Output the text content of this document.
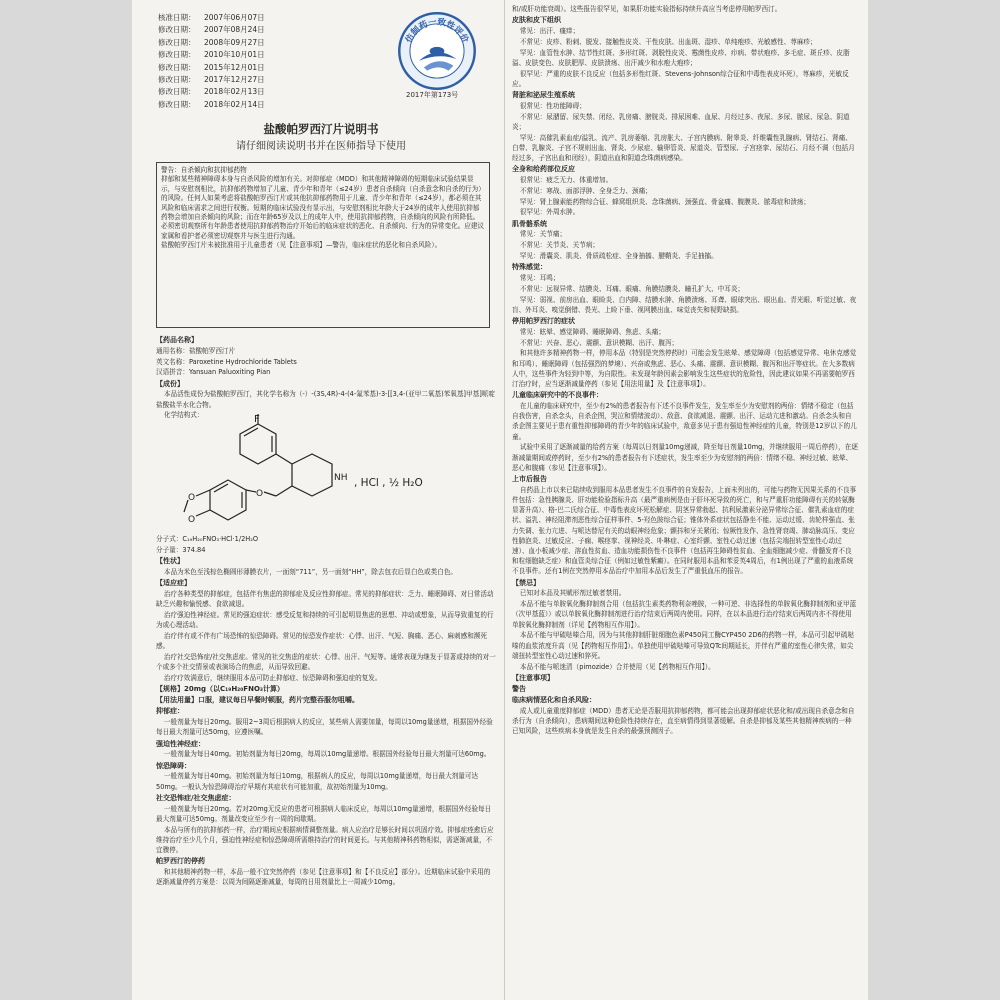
核准日期： 2007年06月07日
修改日期： 2007年08月24日
修改日期： 2008年09月27日
修改日期： 2010年10月01日
修改日期： 2015年12月01日
修改日期： 2017年12月27日
修改日期： 2018年02月13日
修改日期： 2018年02月14日
仿制药一致性评价
2017年第173号
盐酸帕罗西汀片说明书
请仔细阅读说明书并在医师指导下使用

警告：自杀倾向和抗抑郁药物

抑郁和某些精神障碍本身与自杀风险的增加有关。对抑郁症（MDD）和其他精神障碍的短期临床试验结果显示，与安慰剂相比，抗抑郁药物增加了儿童、青少年和青年（≤24岁）患者自杀倾向（自杀意念和自杀的行为）的风险。任何人如果考虑将盐酸帕罗西汀片或其他抗抑郁药物用于儿童、青少年和青年（≤24岁），都必须在其风险和临床需求之间进行权衡。短期的临床试验没有显示出，与安慰剂相比年龄大于24岁的成年人使用抗抑郁药物会增加自杀倾向的风险；而在年龄65岁及以上的成年人中，使用抗抑郁药物，自杀倾向的风险有所降低。必须密切观察所有年龄患者使用抗抑郁药物治疗开始后的临床症状的恶化、自杀倾向、行为的异常变化。应建议家属和看护者必须密切观察并与医生进行沟通。

盐酸帕罗西汀片未被批准用于儿童患者（见【注意事项】—警告，临床症状的恶化和自杀风险）。

【药品名称】

通用名称：盐酸帕罗西汀片

英文名称：Paroxetine Hydrochloride Tablets

汉语拼音：Yansuan Paluoxiting Pian

【成份】

本品活性成份为盐酸帕罗西汀，其化学名称为（-）-(3S,4R)-4-(4-氟苯基)-3-[[3,4-(亚甲二氧基)苯氧基]甲基]哌啶盐酸盐半水化合物。

化学结构式：	F
NH
O
O
O
, HCl , ½ H₂O

分子式：C₁₉H₂₀FNO₃·HCl·1/2H₂O

分子量：374.84

【性状】

本品为米色至浅棕色椭圆形薄膜衣片，一面刻“711”，另一面刻“HH”，除去包衣后显白色或类白色。

【适应症】

治疗各种类型的抑郁症，包括伴有焦虑的抑郁症及反应性抑郁症。常见的抑郁症状：乏力、睡眠障碍、对日常活动缺乏兴趣和愉悦感、食欲减退。

治疗强迫性神经症。常见的强迫症状：感受反复和持续的可引起明显焦虑的思想、冲动或想象，从而导致重复的行为或心理活动。

治疗伴有或不伴有广场恐怖的惊恐障碍。常见的惊恐发作症状：心悸、出汗、气短、胸痛、恶心、麻刺感和濒死感。

治疗社交恐怖症/社交焦虑症。常见的社交焦虑的症状：心悸、出汗、气短等。通常表现为继发于显著或持续的对一个或多个社交情景或表演场合的焦虑，从而导致回避。

治疗疗效满意后，继续服用本品可防止抑郁症、惊恐障碍和强迫症的复发。

【规格】20mg（以C₁₉H₂₀FNO₃计算）

【用法用量】口服，建议每日早餐时顿服，药片完整吞服勿咀嚼。

抑郁症：

一般剂量为每日20mg。服用2~3周后根据病人的反应，某些病人需要加量，每周以10mg量递增，根据国外经验每日最大剂量可达50mg，应遵医嘱。

强迫性神经症：

一般剂量为每日40mg。初始剂量为每日20mg，每周以10mg量递增。根据国外经验每日最大剂量可达60mg。

惊恐障碍：

一般剂量为每日40mg。初始剂量为每日10mg，根据病人的反应，每周以10mg量递增，每日最大剂量可达50mg。一般认为惊恐障碍治疗早期有其症状有可能加重，故初始剂量为10mg。

社交恐怖症/社交焦虑症：

一般剂量为每日20mg。若对20mg无反应的患者可根据病人临床反应，每周以10mg量递增，根据国外经验每日最大剂量可达50mg。剂量改变应至少有一周的间歇期。

本品与所有的抗抑郁药一样，治疗期间应根据病情调整剂量。病人应治疗足够长时间以巩固疗效。抑郁症痊愈后应维持治疗至少几个月，强迫性神经症和惊恐障碍所需维持治疗的时间更长。与其他精神科药物相似，需逐渐减量，不宜骤停。

帕罗西汀的停药

和其他精神药物一样，本品一般不宜突然停药（参见【注意事项】和【不良反应】部分）。近期临床试验中采用的逐渐减量停药方案是：以周为间隔逐渐减量，每周的日用剂量比上一周减少10mg。

和/或肝功能衰竭）。这些报告很罕见，如果肝功能实验指标持续升高应当考虑停用帕罗西汀。

皮肤和皮下组织

常见：出汗、瘙痒；

不常见：皮疹、粉刺、脱发、接触性皮炎、干性皮肤、出血斑、湿疹、单纯疱疹、光敏感性、荨麻疹；

罕见：血管性水肿、结节性红斑、多形红斑、剥脱性皮炎、霉菌性皮疹、疖病、带状疱疹、多毛症、斑丘疹、皮脂溢、皮肤变色、皮肤肥厚、皮肤溃疡、出汗减少和水疱大疱疹；

很罕见：严重的皮肤不良反应（包括多形性红斑、Stevens-Johnson综合征和中毒性表皮坏死），荨麻疹，光敏反应。

肾脏和泌尿生殖系统

很常见：性功能障碍；

不常见：尿潴留、尿失禁、闭经、乳房痛、膀胱炎、排尿困难、血尿、月经过多、夜尿、多尿、脓尿、尿急、阴道炎；

罕见：高催乳素血症/溢乳、流产、乳房萎缩、乳房胀大、子宫内膜病、附睾炎、纤维囊性乳腺病、肾结石、肾痛、白带、乳腺炎、子宫不规则出血、肾炎、少尿症、输卵管炎、尿道炎、管型尿、子宫痉挛、尿结石、月经不调（包括月经过多，子宫出血和闭经），阴道出血和阴道念珠菌病感染。

全身和给药部位反应

很常见：疲乏无力、体重增加。

不常见：寒战、面部浮肿、全身乏力、颈痛；

罕见：肾上腺素能药物综合征、蜂窝组织炎、念珠菌病、颈强直、骨盆痛、腹膜炎、脓毒症和溃疡；

很罕见：外周水肿。

肌骨骼系统

常见：关节痛；

不常见：关节炎、关节病；

罕见：滑囊炎、肌炎、骨质疏松症、全身抽搐、腱鞘炎、手足抽搐。

特殊感觉：

常见：耳鸣；

不常见：远视异常、结膜炎、耳痛、眼痛、角膜结膜炎、瞳孔扩大、中耳炎；

罕见：弱视、前房出血、眼睑炎、白内障、结膜水肿、角膜溃疡、耳聋、眼球突出、眼出血、青光眼、听觉过敏、夜盲、外耳炎、嗅觉倒错、畏光、上睑下垂、视网膜出血、味觉丧失和视野缺损。

停用帕罗西汀的症状

常见：眩晕、感觉障碍、睡眠障碍、焦虑、头痛；

不常见：兴奋、恶心、震颤、意识模糊、出汗、腹泻；

和其他许多精神药物一样，停用本品（特别是突然停药时）可能会发生眩晕、感觉障碍（包括感觉异常、电休克感觉和耳鸣）、睡眠障碍（包括强烈的梦境）、兴奋或焦虑、恶心、头痛、震颤、意识模糊、腹泻和出汗等症状。在大多数病人中，这些事件为轻到中等，为自限性。未发现年龄因素会影响发生这些症状的危险性，因此建议如果不再需要帕罗西汀治疗时，应当逐渐减量停药（参见【用法用量】及【注意事项】）。

儿童临床研究中的不良事件：

在儿童的临床研究中，至少有2%的患者报告有下述不良事件发生，发生率至少为安慰剂的两倍：情绪不稳定（包括自我伤害，自杀念头，自杀企图，哭泣和情绪波动）、敌意、食欲减退、震颤、出汗、运动亢进和激动。自杀念头和自杀企图主要见于患有重性抑郁障碍的青少年的临床试验中，敌意多见于患有强迫性神经症的儿童，特别是12岁以下的儿童。

试验中采用了逐渐减量的给药方案（每周以日剂量10mg递减，降至每日剂量10mg，并继续服用一周后停药），在逐渐减量期间或停药时，至少有2%的患者报告有下述症状，发生率至少为安慰剂的两倍：情绪不稳、神经过敏、眩晕、恶心和腹痛（参见【注意事项】）。

上市后报告

自药品上市以来已陆续收到服用本品患者发生不良事件的自发报告，上面未列出的，可能与药物无因果关系的不良事件包括：急性胰腺炎、肝功能检验指标升高（最严重病例是由于肝坏死导致的死亡，和与严重肝功能障碍有关的转氨酶显著升高）、格-巴二氏综合征、中毒性表皮坏死松解症、阴茎异常勃起、抗利尿激素分泌异常综合征、催乳素血症的症状、溢乳、神经阻滞剂恶性综合征样事件、5-羟色胺综合征；锥体外系症状包括静坐不能、运动过缓、齿轮样强直、张力失调、张力亢进、与哌达替尼有关的动眼神经危象；颤抖和牙关紧闭；惊厥性发作、急性肾衰竭、肺动脉高压、变应性肺泡炎、过敏反应、子痫、喉痉挛、视神经炎、卟啉症、心室纤颤、室性心动过速（包括尖端扭转型室性心动过速）、血小板减少症、溶血性贫血、造血功能损伤性不良事件（包括再生障碍性贫血、全血细胞减少症、骨髓发育不良和粒细胞缺乏症）和血管炎综合征（例如过敏性紫癜）。在同时服用本品和苯妥英4周后，有1例出现了严重的血液系统不良事件。还有1例在突然停用本品治疗中加用本品后发生了严重低血压的报告。

【禁忌】

已知对本品及其赋形剂过敏者禁用。

本品不能与单胺氧化酶抑制剂合用（包括抗生素类药物利奈唑胺，一种可逆、非选择性的单胺氧化酶抑制剂和亚甲蓝（次甲基蓝））或以单胺氧化酶抑制剂进行治疗结束后两周内使用。同样，在以本品进行治疗结束后两周内亦不得使用单胺氧化酶抑制剂（详见【药物相互作用】）。

本品不能与甲硫哒嗪合用，因为与其他抑制肝脏细胞色素P450同工酶CYP450 2D6的药物一样，本品可引起甲硫哒嗪的血浆浓度升高（见【药物相互作用】）。单独使用甲硫哒嗪可导致QTc间期延长，并伴有严重的室性心律失常，如尖端扭转型室性心动过速和猝死。

本品不能与哌迷清（pimozide）合并使用（见【药物相互作用】）。

【注意事项】

警告

临床病情恶化和自杀风险：

成人或儿童重度抑郁症（MDD）患者无论是否服用抗抑郁药物，都可能会出现抑郁症状恶化和/或出现自杀意念和自杀行为（自杀倾向），患病期间这种危险性持续存在，直至病情得到显著缓解。自杀是抑郁及某些其他精神疾病的一种已知风险，这些疾病本身就是发生自杀的最强预测因子。
